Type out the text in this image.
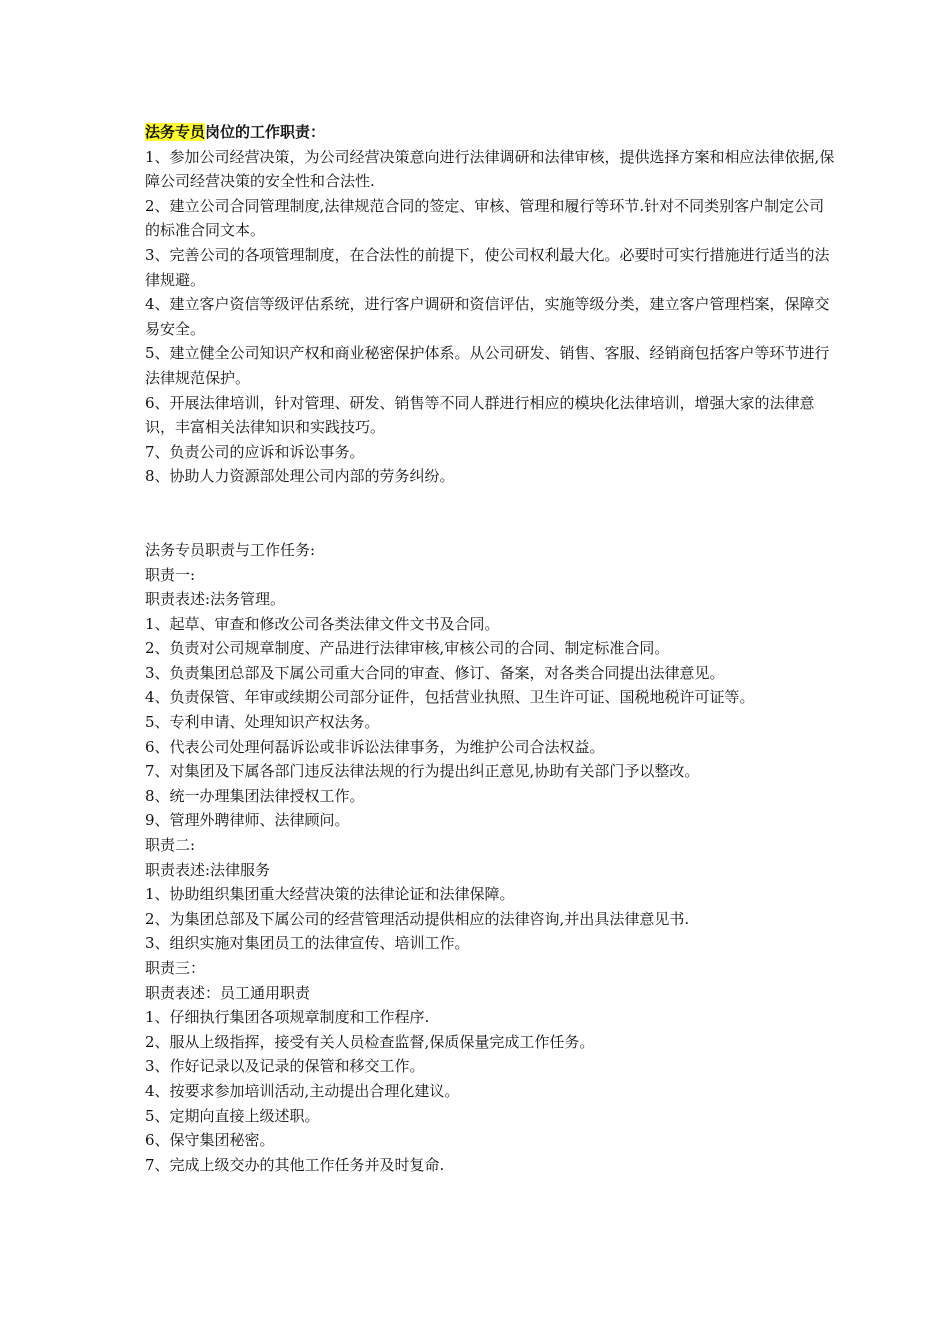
法务专员岗位的工作职责：

1、参加公司经营决策，为公司经营决策意向进行法律调研和法律审核，提供选择方案和相应法律依据,保障公司经营决策的安全性和合法性.

2、建立公司合同管理制度,法律规范合同的签定、审核、管理和履行等环节.针对不同类别客户制定公司的标准合同文本。

3、完善公司的各项管理制度，在合法性的前提下，使公司权利最大化。必要时可实行措施进行适当的法律规避。

4、建立客户资信等级评估系统，进行客户调研和资信评估，实施等级分类，建立客户管理档案，保障交易安全。

5、建立健全公司知识产权和商业秘密保护体系。从公司研发、销售、客服、经销商包括客户等环节进行法律规范保护。

6、开展法律培训，针对管理、研发、销售等不同人群进行相应的模块化法律培训，增强大家的法律意识，丰富相关法律知识和实践技巧。

7、负责公司的应诉和诉讼事务。

8、协助人力资源部处理公司内部的劳务纠纷。

法务专员职责与工作任务:

职责一:

职责表述:法务管理。

1、起草、审查和修改公司各类法律文件文书及合同。

2、负责对公司规章制度、产品进行法律审核,审核公司的合同、制定标准合同。

3、负责集团总部及下属公司重大合同的审查、修订、备案，对各类合同提出法律意见。

4、负责保管、年审或续期公司部分证件，包括营业执照、卫生许可证、国税地税许可证等。

5、专利申请、处理知识产权法务。

6、代表公司处理何磊诉讼或非诉讼法律事务，为维护公司合法权益。

7、对集团及下属各部门违反法律法规的行为提出纠正意见,协助有关部门予以整改。

8、统一办理集团法律授权工作。

9、管理外聘律师、法律顾问。

职责二:

职责表述:法律服务

1、协助组织集团重大经营决策的法律论证和法律保障。

2、为集团总部及下属公司的经营管理活动提供相应的法律咨询,并出具法律意见书.

3、组织实施对集团员工的法律宣传、培训工作。

职责三：

职责表述：员工通用职责

1、仔细执行集团各项规章制度和工作程序.

2、服从上级指挥，接受有关人员检查监督,保质保量完成工作任务。

3、作好记录以及记录的保管和移交工作。

4、按要求参加培训活动,主动提出合理化建议。

5、定期向直接上级述职。

6、保守集团秘密。

7、完成上级交办的其他工作任务并及时复命.
